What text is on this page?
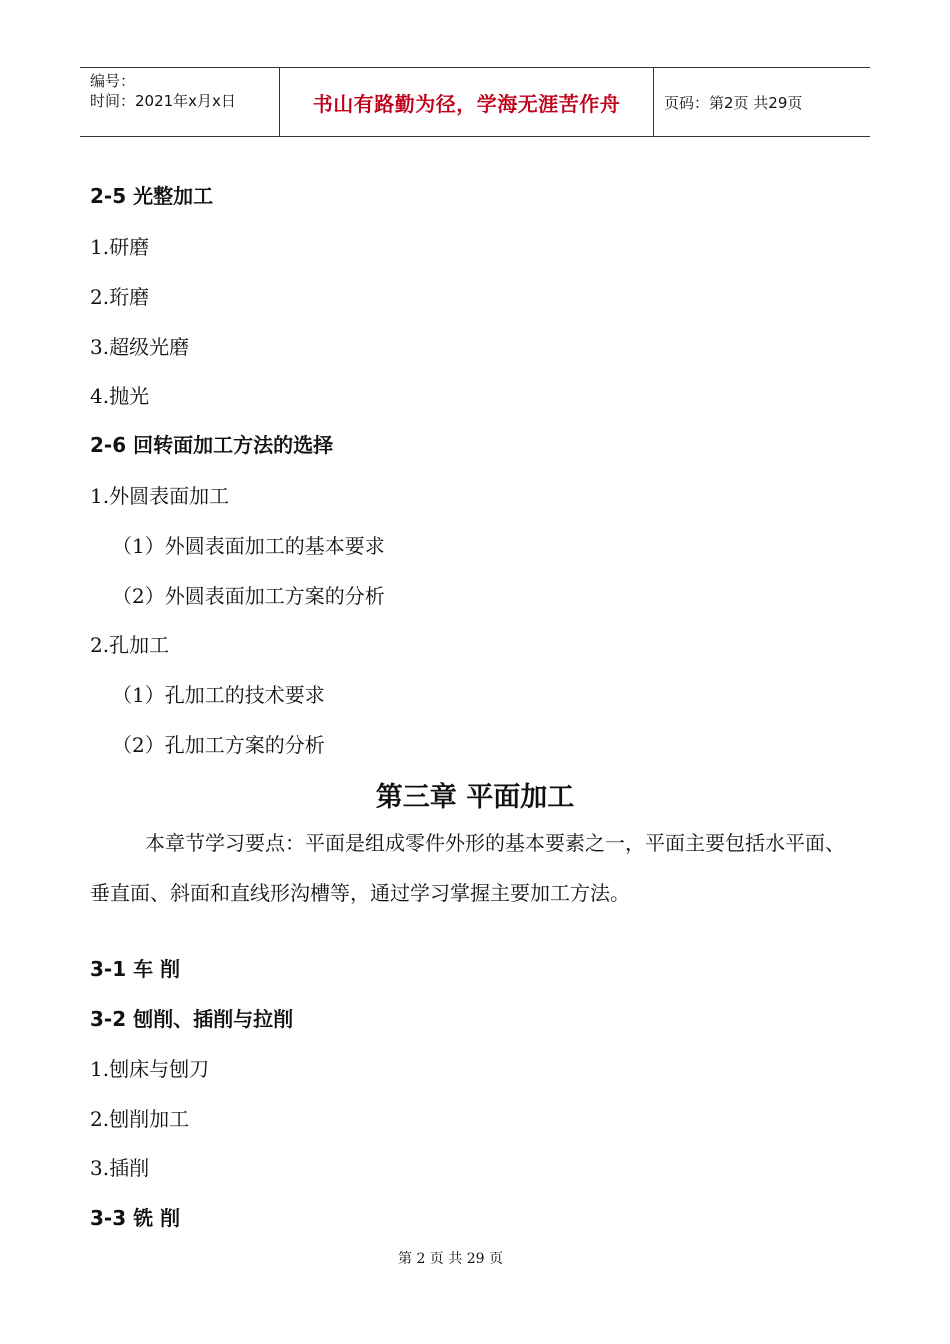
编号：
时间：2021年x月x日	书山有路勤为径，学海无涯苦作舟	页码：第2页 共29页
2-5 光整加工
1.研磨
2.珩磨
3.超级光磨
4.抛光
2-6 回转面加工方法的选择
1.外圆表面加工
（1）外圆表面加工的基本要求
（2）外圆表面加工方案的分析
2.孔加工
（1）孔加工的技术要求
（2）孔加工方案的分析
第三章 平面加工
本章节学习要点：平面是组成零件外形的基本要素之一，平面主要包括水平面、垂直面、斜面和直线形沟槽等，通过学习掌握主要加工方法。
3-1 车 削
3-2 刨削、插削与拉削
1.刨床与刨刀
2.刨削加工
3.插削
3-3 铣 削
第 2 页 共 29 页
